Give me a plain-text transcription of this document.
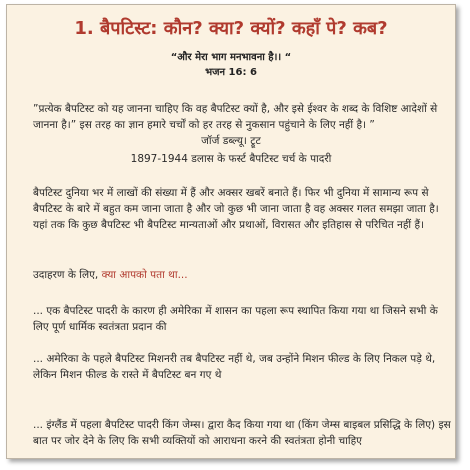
1. बैपटिस्ट: कौन? क्या? क्यों? कहाँ पे? कब?
“और मेरा भाग मनभावना है।। “
भजन 16: 6
”प्रत्येक बैपटिस्ट को यह जानना चाहिए कि वह बैपटिस्ट क्यों है, और इसे ईश्वर के शब्द के विशिष्ट आदेशों से जानना है।” इस तरह का ज्ञान हमारे चर्चों को हर तरह से नुकसान पहुंचाने के लिए नहीं है। ”
जॉर्ज डब्ल्यू। ट्रूट
1897-1944 डलास के फर्स्ट बैपटिस्ट चर्च के पादरी
बैपटिस्ट दुनिया भर में लाखों की संख्या में हैं और अक्सर खबरें बनाते हैं। फिर भी दुनिया में सामान्य रूप से बैपटिस्ट के बारे में बहुत कम जाना जाता है और जो कुछ भी जाना जाता है वह अक्सर गलत समझा जाता है। यहां तक कि कुछ बैपटिस्ट भी बैपटिस्ट मान्यताओं और प्रथाओं, विरासत और इतिहास से परिचित नहीं हैं।
उदाहरण के लिए, क्या आपको पता था...
... एक बैपटिस्ट पादरी के कारण ही अमेरिका में शासन का पहला रूप स्थापित किया गया था जिसने सभी के लिए पूर्ण धार्मिक स्वतंत्रता प्रदान की
... अमेरिका के पहले बैपटिस्ट मिशनरी तब बैपटिस्ट नहीं थे, जब उन्होंने मिशन फील्ड के लिए निकल पड़े थे, लेकिन मिशन फील्ड के रास्ते में बैपटिस्ट बन गए थे
... इंग्लैंड में पहला बैपटिस्ट पादरी किंग जेम्स। द्वारा कैद किया गया था (किंग जेम्स बाइबल प्रसिद्धि के लिए) इस बात पर जोर देने के लिए कि सभी व्यक्तियों को आराधना करने की स्वतंत्रता होनी चाहिए
